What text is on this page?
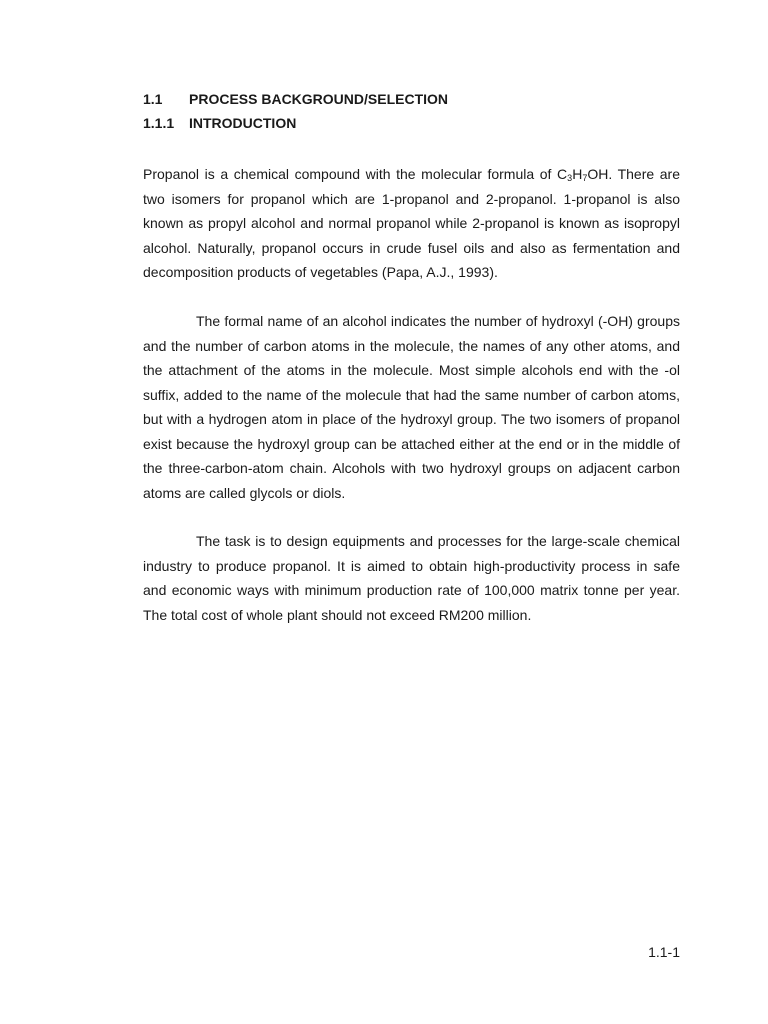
1.1 PROCESS BACKGROUND/SELECTION
1.1.1 INTRODUCTION

Propanol is a chemical compound with the molecular formula of $C_3H_7OH$. There are two isomers for propanol which are 1-propanol and 2-propanol. 1-propanol is also known as propyl alcohol and normal propanol while 2-propanol is known as isopropyl alcohol. Naturally, propanol occurs in crude fusel oils and also as fermentation and decomposition products of vegetables (Papa, A.J., 1993).

The formal name of an alcohol indicates the number of hydroxyl (-OH) groups and the number of carbon atoms in the molecule, the names of any other atoms, and the attachment of the atoms in the molecule. Most simple alcohols end with the -ol suffix, added to the name of the molecule that had the same number of carbon atoms, but with a hydrogen atom in place of the hydroxyl group. The two isomers of propanol exist because the hydroxyl group can be attached either at the end or in the middle of the three-carbon-atom chain. Alcohols with two hydroxyl groups on adjacent carbon atoms are called glycols or diols.

The task is to design equipments and processes for the large-scale chemical industry to produce propanol. It is aimed to obtain high-productivity process in safe and economic ways with minimum production rate of 100,000 matrix tonne per year. The total cost of whole plant should not exceed RM200 million.

1.1-1
